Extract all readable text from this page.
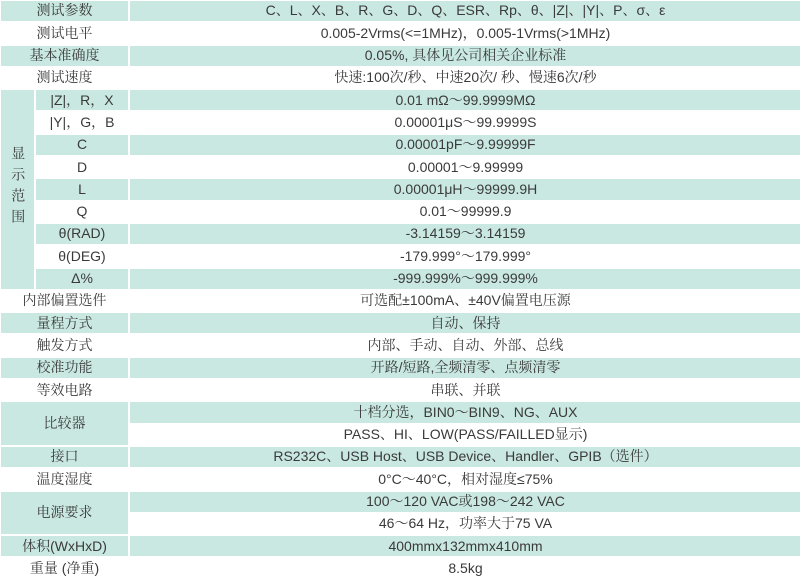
测试参数		C、L、X、B、R、G、D、Q、ESR、Rp、θ、|Z|、|Y|、P、σ、ε
测试电平		0.005-2Vrms(<=1MHz)，0.005-1Vrms(>1MHz)
基本准确度		0.05%, 具体见公司相关企业标准
测试速度		快速:100次/秒、中速20次/ 秒、慢速6次/秒
显示范围	|Z|，R，X	0.01 mΩ～99.9999MΩ
	|Y|，G，B	0.00001μS～99.9999S
	C	0.00001pF～9.99999F
	D	0.00001～9.99999
	L	0.00001μH～99999.9H
	Q	0.01～99999.9
	θ(RAD)	-3.14159～3.14159
	θ(DEG)	-179.999°～179.999°
	Δ%	-999.999%～999.999%
内部偏置选件		可选配±100mA、±40V偏置电压源
量程方式		自动、保持
触发方式		内部、手动、自动、外部、总线
校准功能		开路/短路,全频清零、点频清零
等效电路		串联、并联
比较器		十档分选，BIN0～BIN9、NG、AUX
		PASS、HI、LOW(PASS/FAILLED显示)
接口		RS232C、USB Host、USB Device、Handler、GPIB（选件）
温度湿度		0°C～40°C，相对湿度≤75%
电源要求		100～120 VAC或198～242 VAC
		46～64 Hz，功率大于75 VA
体积(WxHxD)		400mmx132mmx410mm
重量 (净重)		8.5kg
